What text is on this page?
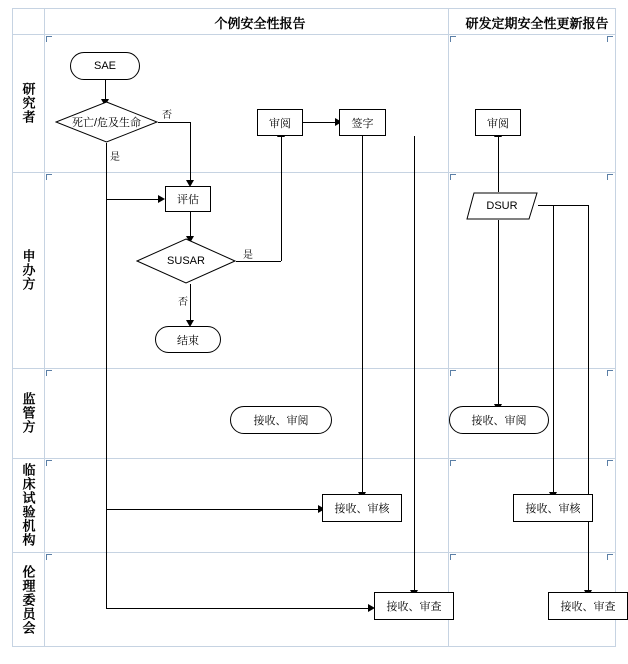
个例安全性报告	研发定期安全性更新报告
研究者
申办方
监管方
临床试验机构
伦理委员会
SAE
死亡/危及生命
否
是
审阅	签字
评估
SUSAR	是
否
结束
接收、审阅
接收、审核
接收、审查
审阅
DSUR
接收、审阅
接收、审核
接收、审查
